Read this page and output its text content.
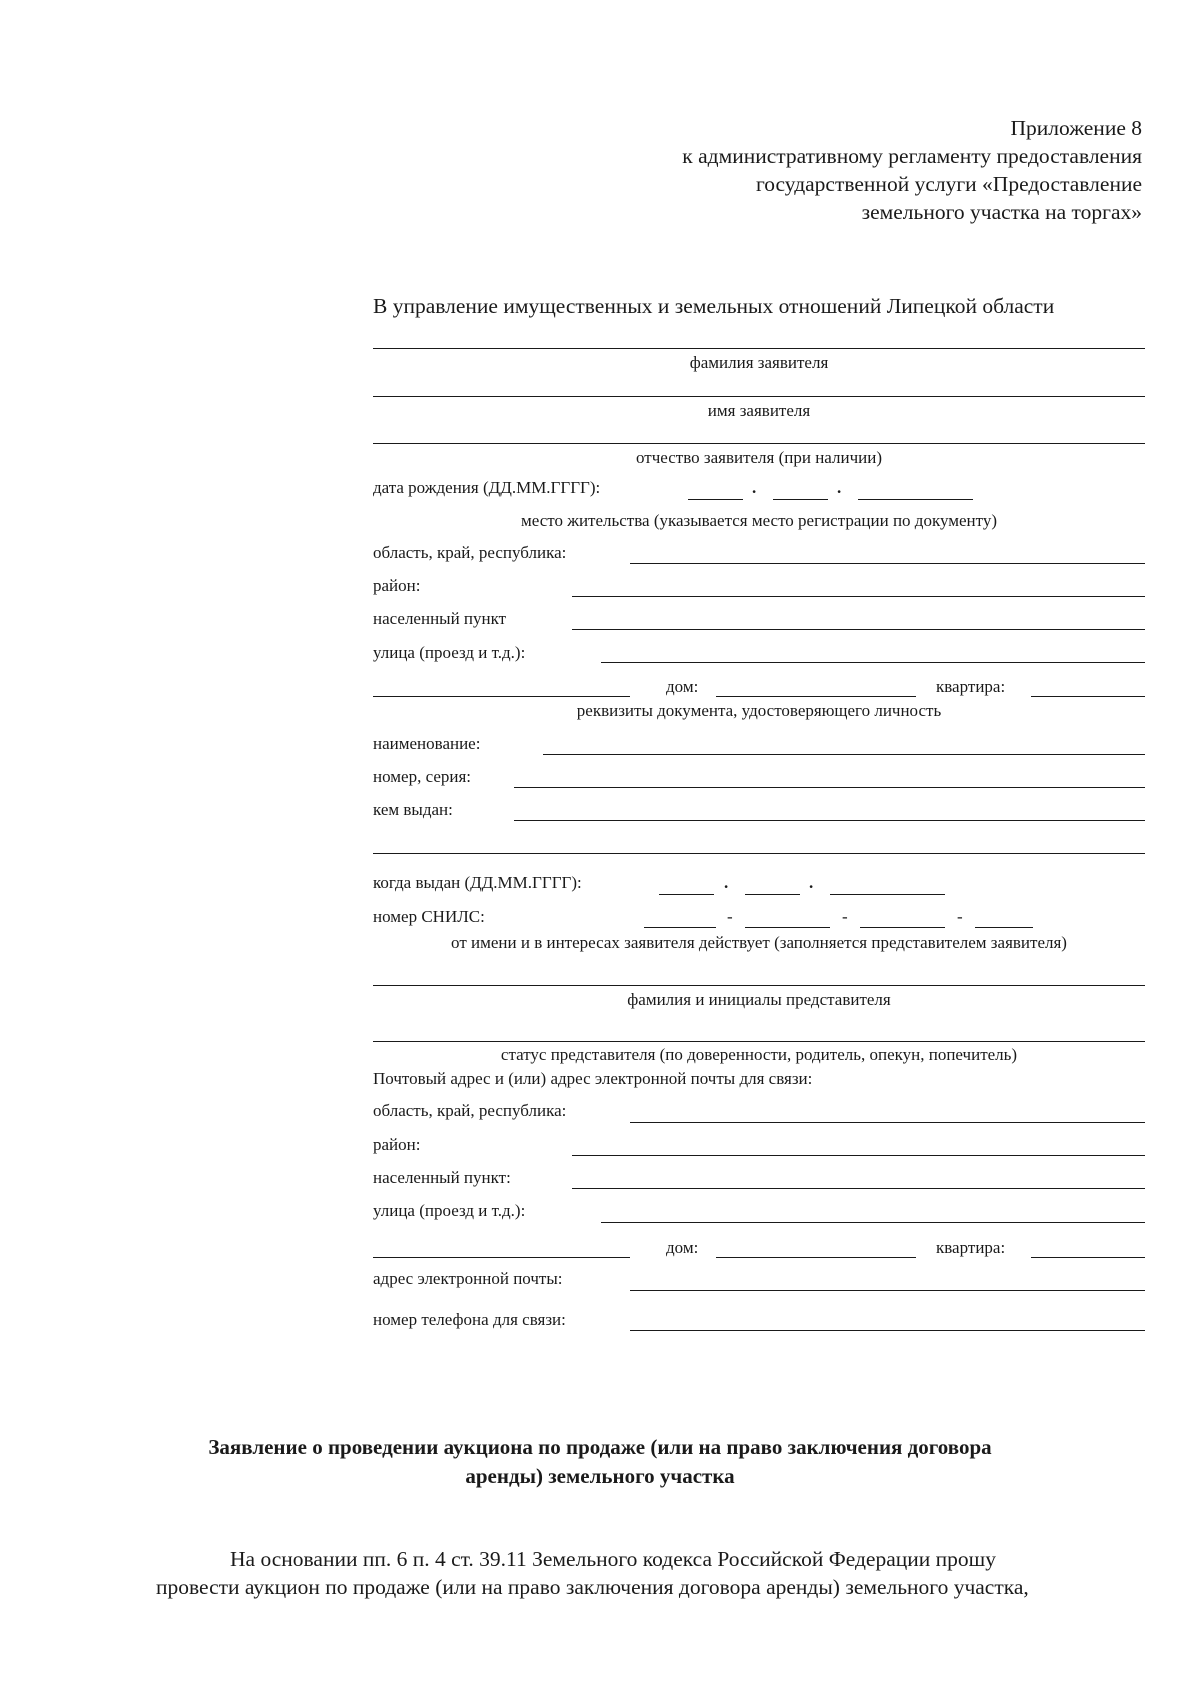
Приложение 8
к административному регламенту предоставления
государственной услуги «Предоставление
земельного участка на торгах»
В управление имущественных и земельных отношений Липецкой области
фамилия заявителя
имя заявителя
отчество заявителя (при наличии)
дата рождения (ДД.ММ.ГГГГ):	.	.
место жительства (указывается место регистрации по документу)
область, край, республика:
район:
населенный пункт
улица (проезд и т.д.):
дом:	квартира:
реквизиты документа, удостоверяющего личность
наименование:
номер, серия:
кем выдан:
когда выдан (ДД.ММ.ГГГГ):	.	.
номер СНИЛС:	-	-	-
от имени и в интересах заявителя действует (заполняется представителем заявителя)
фамилия и инициалы представителя
статус представителя (по доверенности, родитель, опекун, попечитель)
Почтовый адрес и (или) адрес электронной почты для связи:
область, край, республика:
район:
населенный пункт:
улица (проезд и т.д.):
дом:	квартира:
адрес электронной почты:
номер телефона для связи:
Заявление о проведении аукциона по продаже (или на право заключения договора
аренды) земельного участка
На основании пп. 6 п. 4 ст. 39.11 Земельного кодекса Российской Федерации прошу
провести аукцион по продаже (или на право заключения договора аренды) земельного участка,
